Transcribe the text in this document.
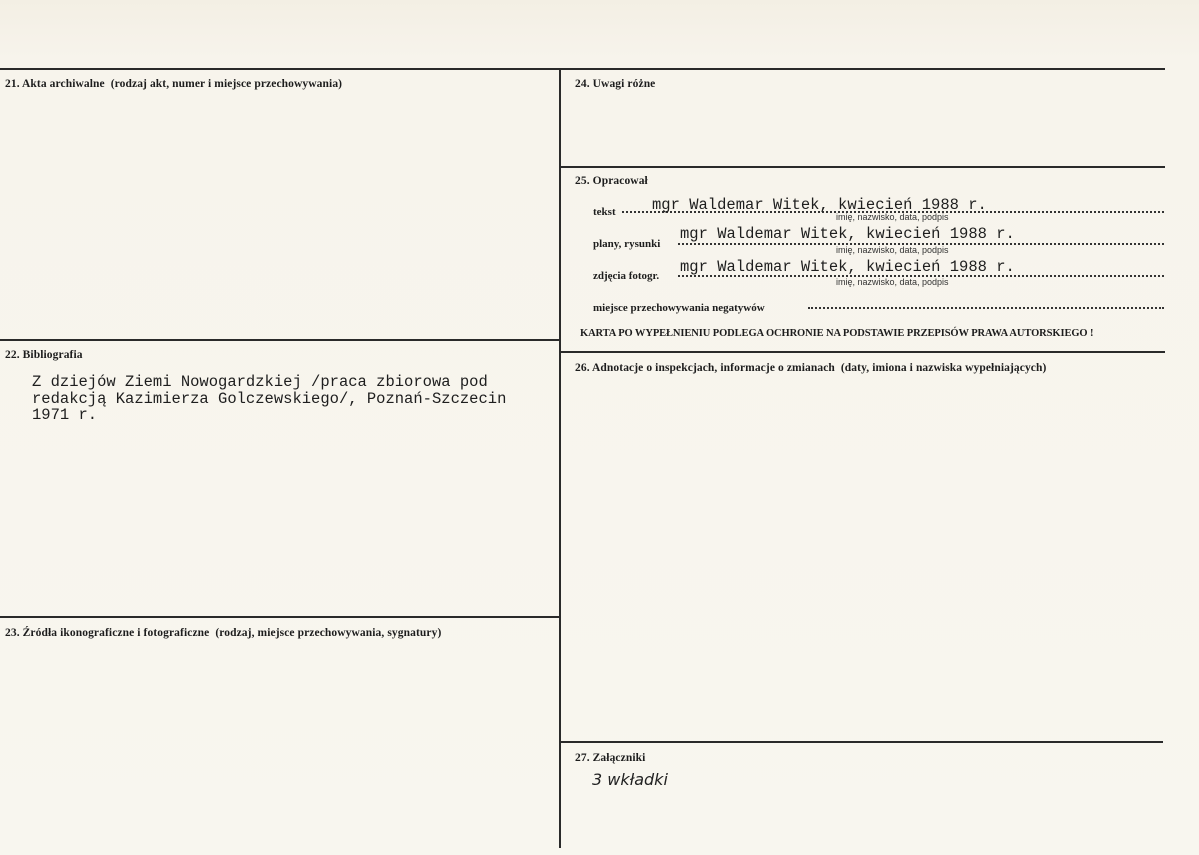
21. Akta archiwalne (rodzaj akt, numer i miejsce przechowywania)
22. Bibliografia
Z dziejów Ziemi Nowogardzkiej /praca zbiorowa pod
redakcją Kazimierza Golczewskiego/, Poznań-Szczecin
1971 r.
23. Źródła ikonograficzne i fotograficzne (rodzaj, miejsce przechowywania, sygnatury)
24. Uwagi różne
25. Opracował
tekst mgr Waldemar Witek, kwiecień 1988 r.
imię, nazwisko, data, podpis
plany, rysunki
mgr Waldemar Witek, kwiecień 1988 r.
imię, nazwisko, data, podpis
zdjęcia fotogr. mgr Waldemar Witek, kwiecień 1988 r.
imię, nazwisko, data, podpis
miejsce przechowywania negatywów
KARTA PO WYPEŁNIENIU PODLEGA OCHRONIE NA PODSTAWIE PRZEPISÓW PRAWA AUTORSKIEGO !
26. Adnotacje o inspekcjach, informacje o zmianach (daty, imiona i nazwiska wypełniających)
27. Załączniki
3 wkładki
